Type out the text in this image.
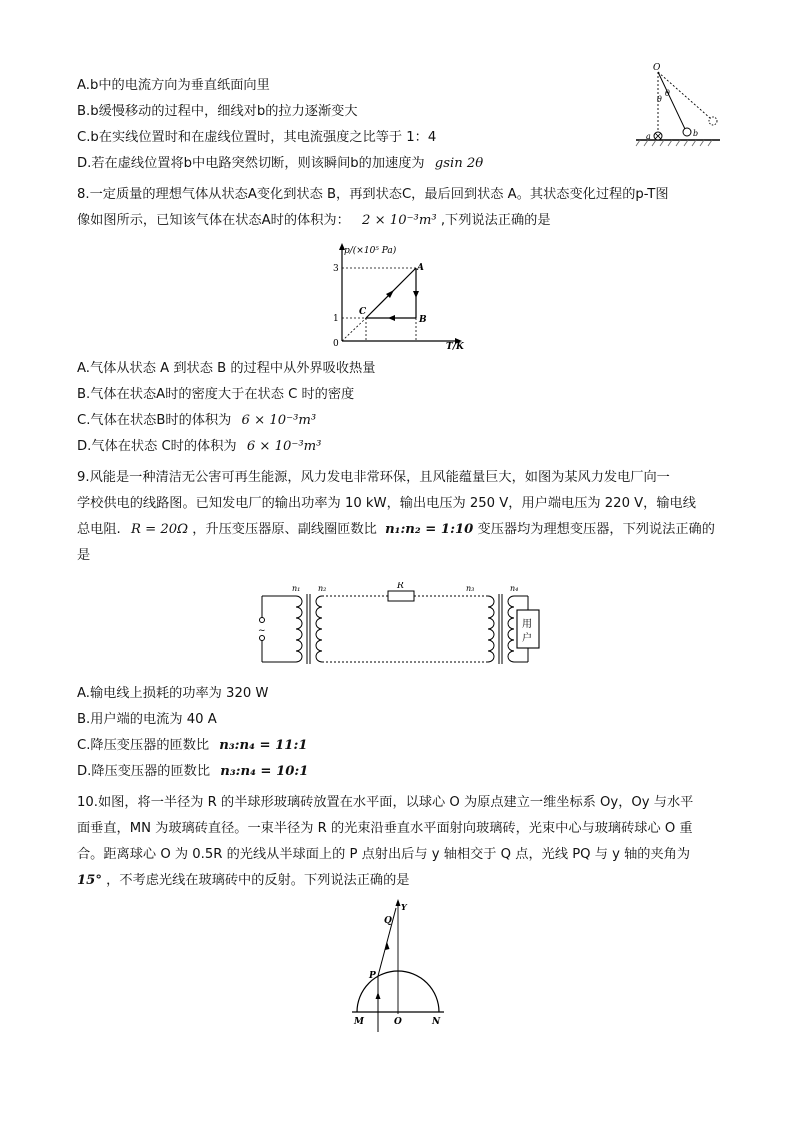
A.b中的电流方向为垂直纸面向里
B.b缓慢移动的过程中，细线对b的拉力逐渐变大
C.b在实线位置时和在虚线位置时，其电流强度之比等于 1：4
D.若在虚线位置将b中电路突然切断，则该瞬间b的加速度为 gsin 2θ
O
θ
θ
a	b
8.一定质量的理想气体从状态A变化到状态 B，再到状态C，最后回到状态 A。其状态变化过程的p-T图
像如图所示，已知该气体在状态A时的体积为： 2 × 10⁻³m³ ,下列说法正确的是
p/(×10⁵ Pa)
T/K
3
1
0
A
B
C
A.气体从状态 A 到状态 B 的过程中从外界吸收热量
B.气体在状态A时的密度大于在状态 C 时的密度
C.气体在状态B时的体积为 6 × 10⁻³m³
D.气体在状态 C时的体积为 6 × 10⁻³m³
9.风能是一种清洁无公害可再生能源，风力发电非常环保，且风能蕴量巨大，如图为某风力发电厂向一
学校供电的线路图。已知发电厂的输出功率为 10 kW，输出电压为 250 V，用户端电压为 220 V，输电线
总电阻. R = 20Ω ，升压变压器原、副线圈匝数比 n₁:n₂ = 1:10 变压器均为理想变压器，下列说法正确的
是
~
用
户
n₁ n₂	R	n₃	n₄
A.输电线上损耗的功率为 320 W
B.用户端的电流为 40 A
C.降压变压器的匝数比 n₃:n₄ = 11:1
D.降压变压器的匝数比 n₃:n₄ = 10:1
10.如图，将一半径为 R 的半球形玻璃砖放置在水平面，以球心 O 为原点建立一维坐标系 Oy，Oy 与水平
面垂直，MN 为玻璃砖直径。一束半径为 R 的光束沿垂直水平面射向玻璃砖，光束中心与玻璃砖球心 O 重
合。距离球心 O 为 0.5R 的光线从半球面上的 P 点射出后与 y 轴相交于 Q 点，光线 PQ 与 y 轴的夹角为
15° ，不考虑光线在玻璃砖中的反射。下列说法正确的是
Y
Q
P
M	O	N
